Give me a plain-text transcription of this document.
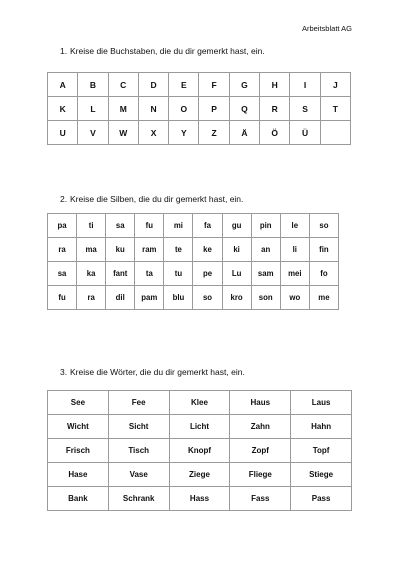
Arbeitsblatt AG
1. Kreise die Buchstaben, die du dir gemerkt hast, ein.
A	B	C	D	E	F	G	H	I	J
K	L	M	N	O	P	Q	R	S	T
U	V	W	X	Y	Z	Ä	Ö	Ü	
2. Kreise die Silben, die du dir gemerkt hast, ein.
pa	ti	sa	fu	mi	fa	gu	pin	le	so
ra	ma	ku	ram	te	ke	ki	an	li	fin
sa	ka	fant	ta	tu	pe	Lu	sam	mei	fo
fu	ra	dil	pam	blu	so	kro	son	wo	me
3. Kreise die Wörter, die du dir gemerkt hast, ein.
See	Fee	Klee	Haus	Laus
Wicht	Sicht	Licht	Zahn	Hahn
Frisch	Tisch	Knopf	Zopf	Topf
Hase	Vase	Ziege	Fliege	Stiege
Bank	Schrank	Hass	Fass	Pass
